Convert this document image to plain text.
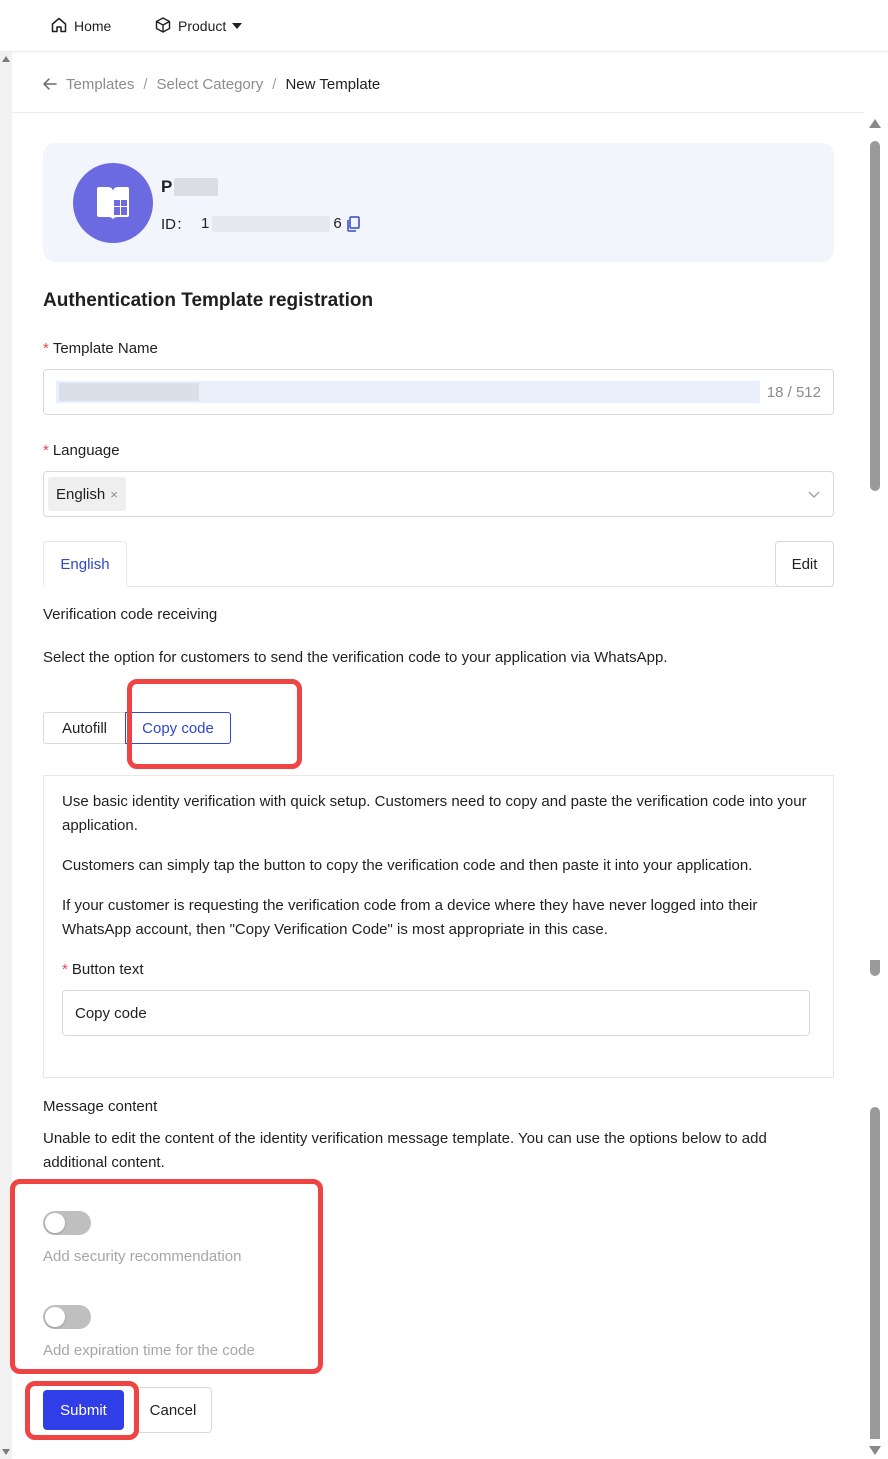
Home	Product
Templates / Select Category / New Template
P
ID： 1	6
Authentication Template registration
* Template Name
18 / 512
* Language
English ×
English	Edit
Verification code receiving
Select the option for customers to send the verification code to your application via WhatsApp.
Autofill	Copy code
Use basic identity verification with quick setup. Customers need to copy and paste the verification code into your application.
Customers can simply tap the button to copy the verification code and then paste it into your application.
If your customer is requesting the verification code from a device where they have never logged into their WhatsApp account, then "Copy Verification Code" is most appropriate in this case.
* Button text
Copy code
Message content
Unable to edit the content of the identity verification message template. You can use the options below to add additional content.
Add security recommendation
Add expiration time for the code
Submit	Cancel
